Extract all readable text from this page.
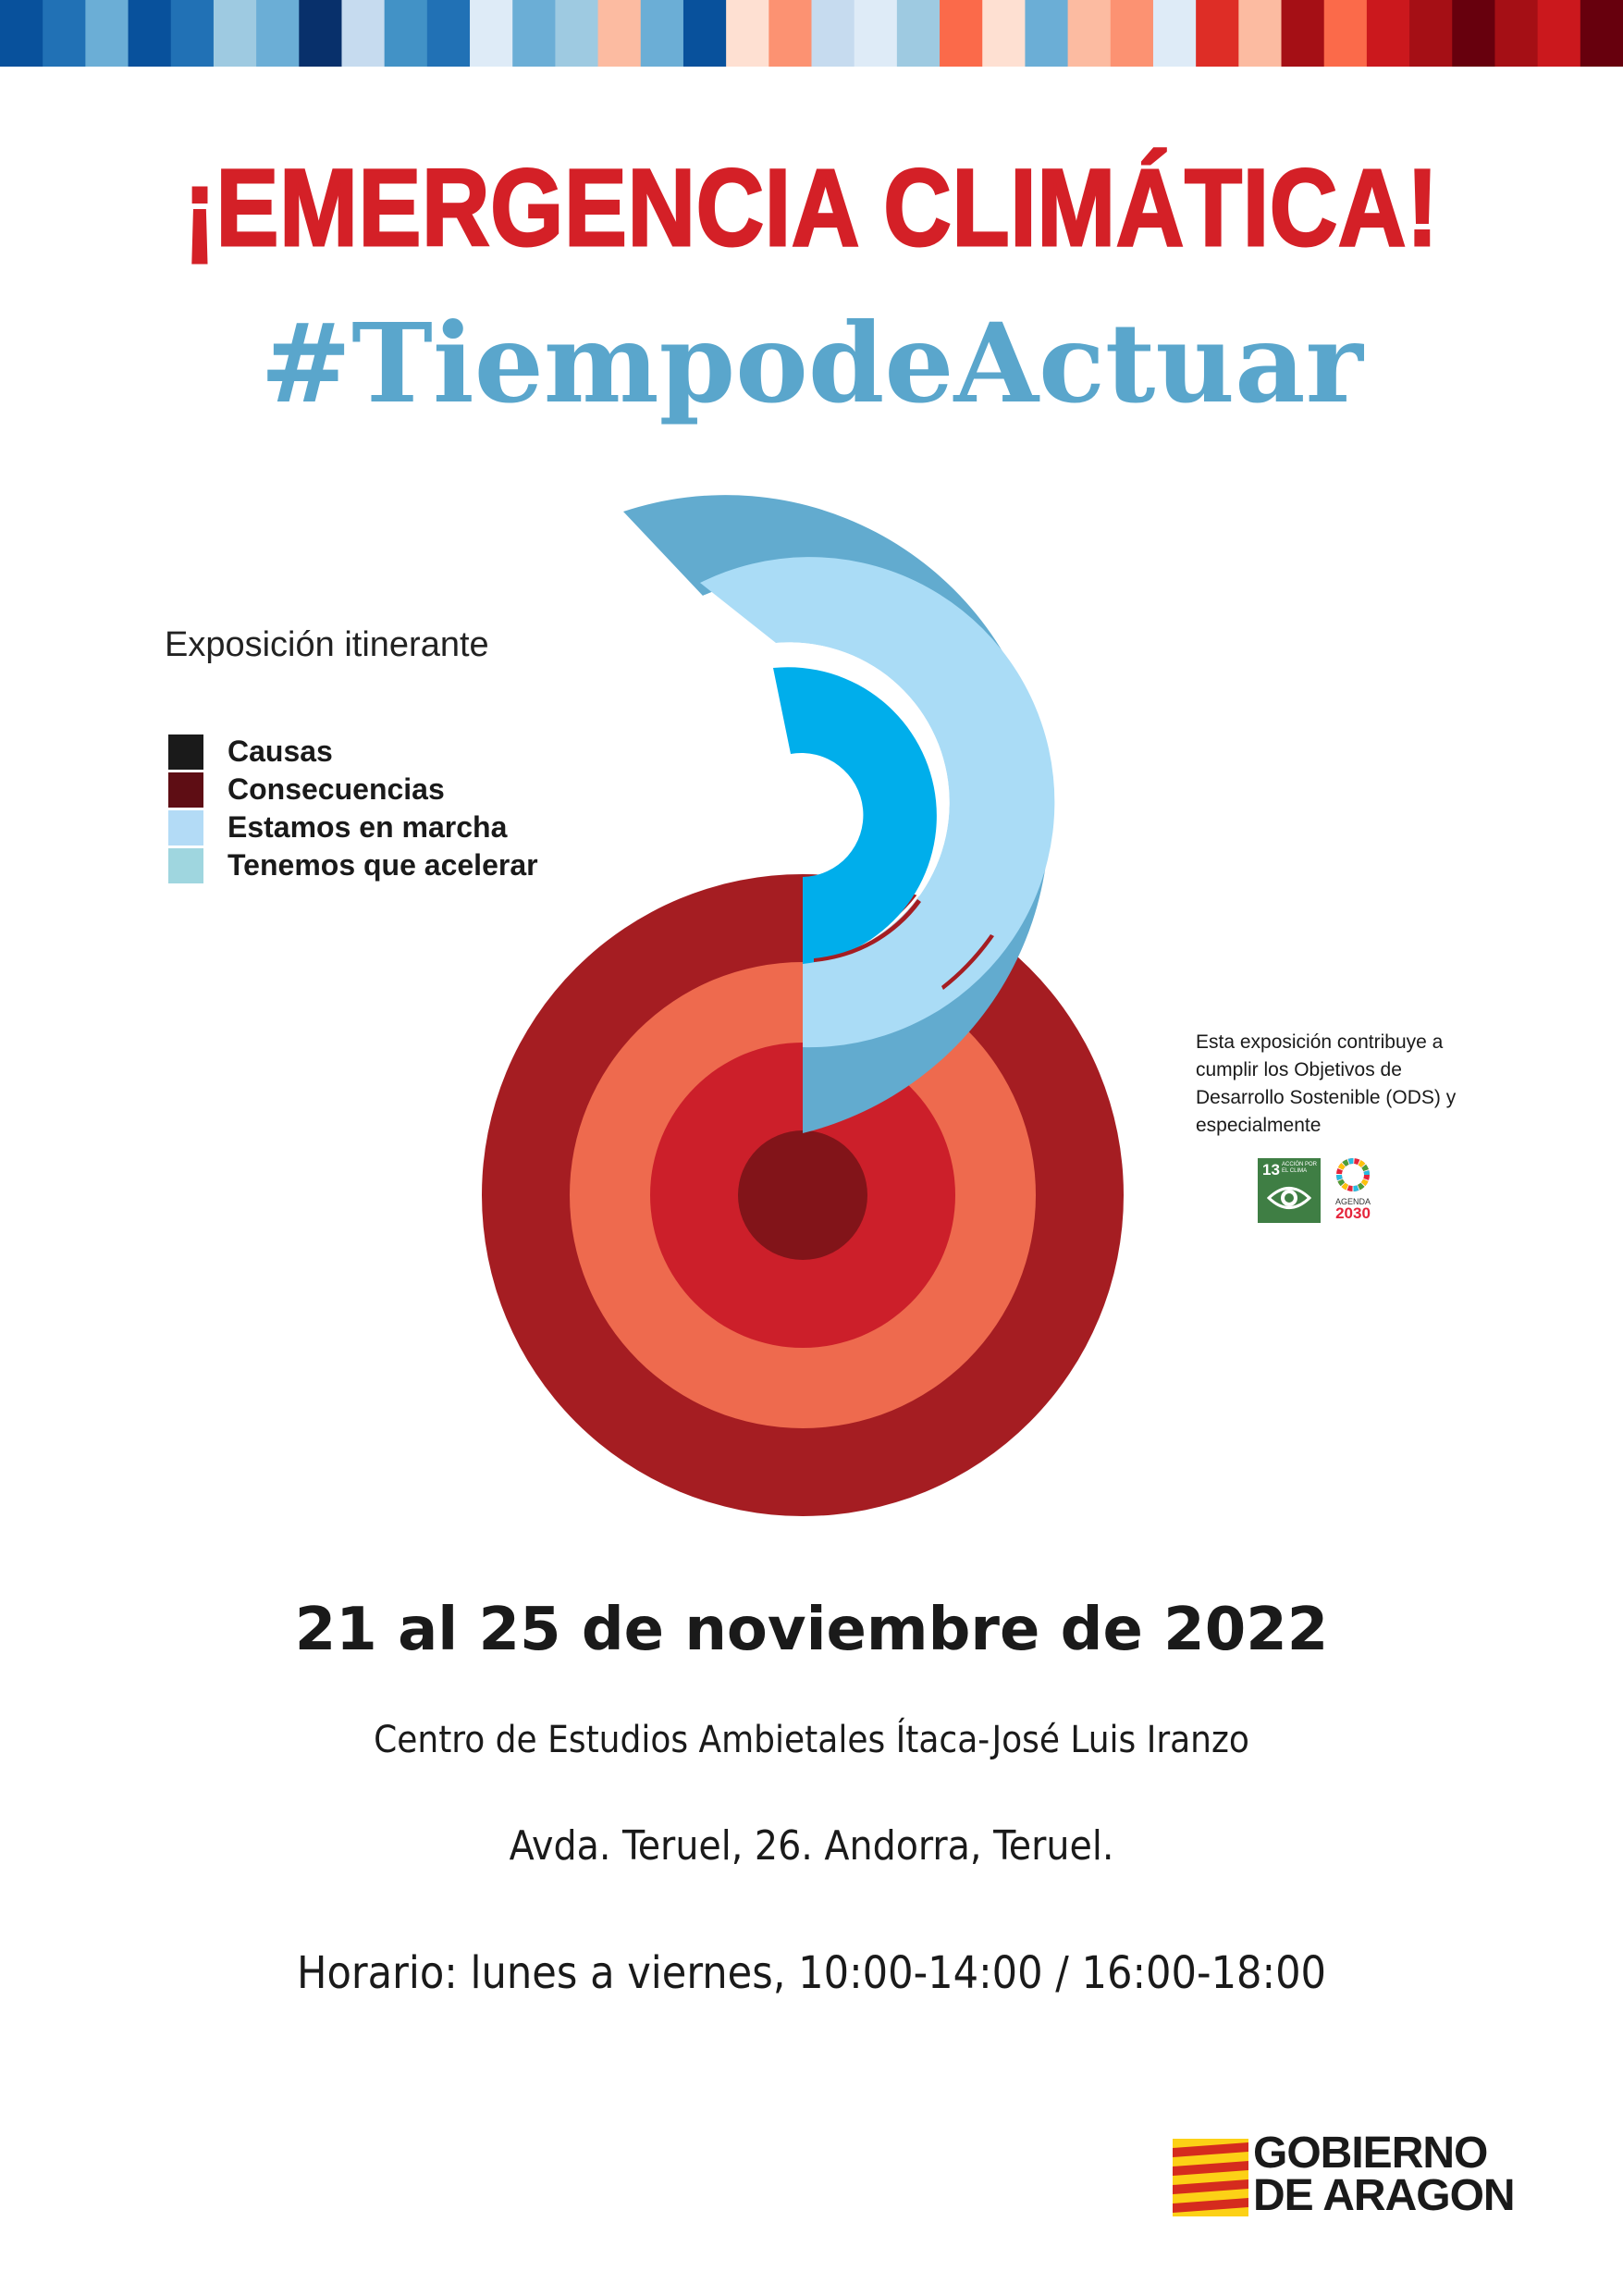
¡EMERGENCIA CLIMÁTICA!
#TiempodeActuar
Exposición itinerante
Causas
Consecuencias
Estamos en marcha
Tenemos que acelerar
Esta exposición contribuye a cumplir los Objetivos de Desarrollo Sostenible (ODS) y especialmente
13 ACCIÓN POR EL CLIMA
AGENDA
2030
21 al 25 de noviembre de 2022
Centro de Estudios Ambietales Ítaca-José Luis Iranzo
Avda. Teruel, 26. Andorra, Teruel.
Horario: lunes a viernes, 10:00-14:00 / 16:00-18:00
GOBIERNO
DE ARAGON
